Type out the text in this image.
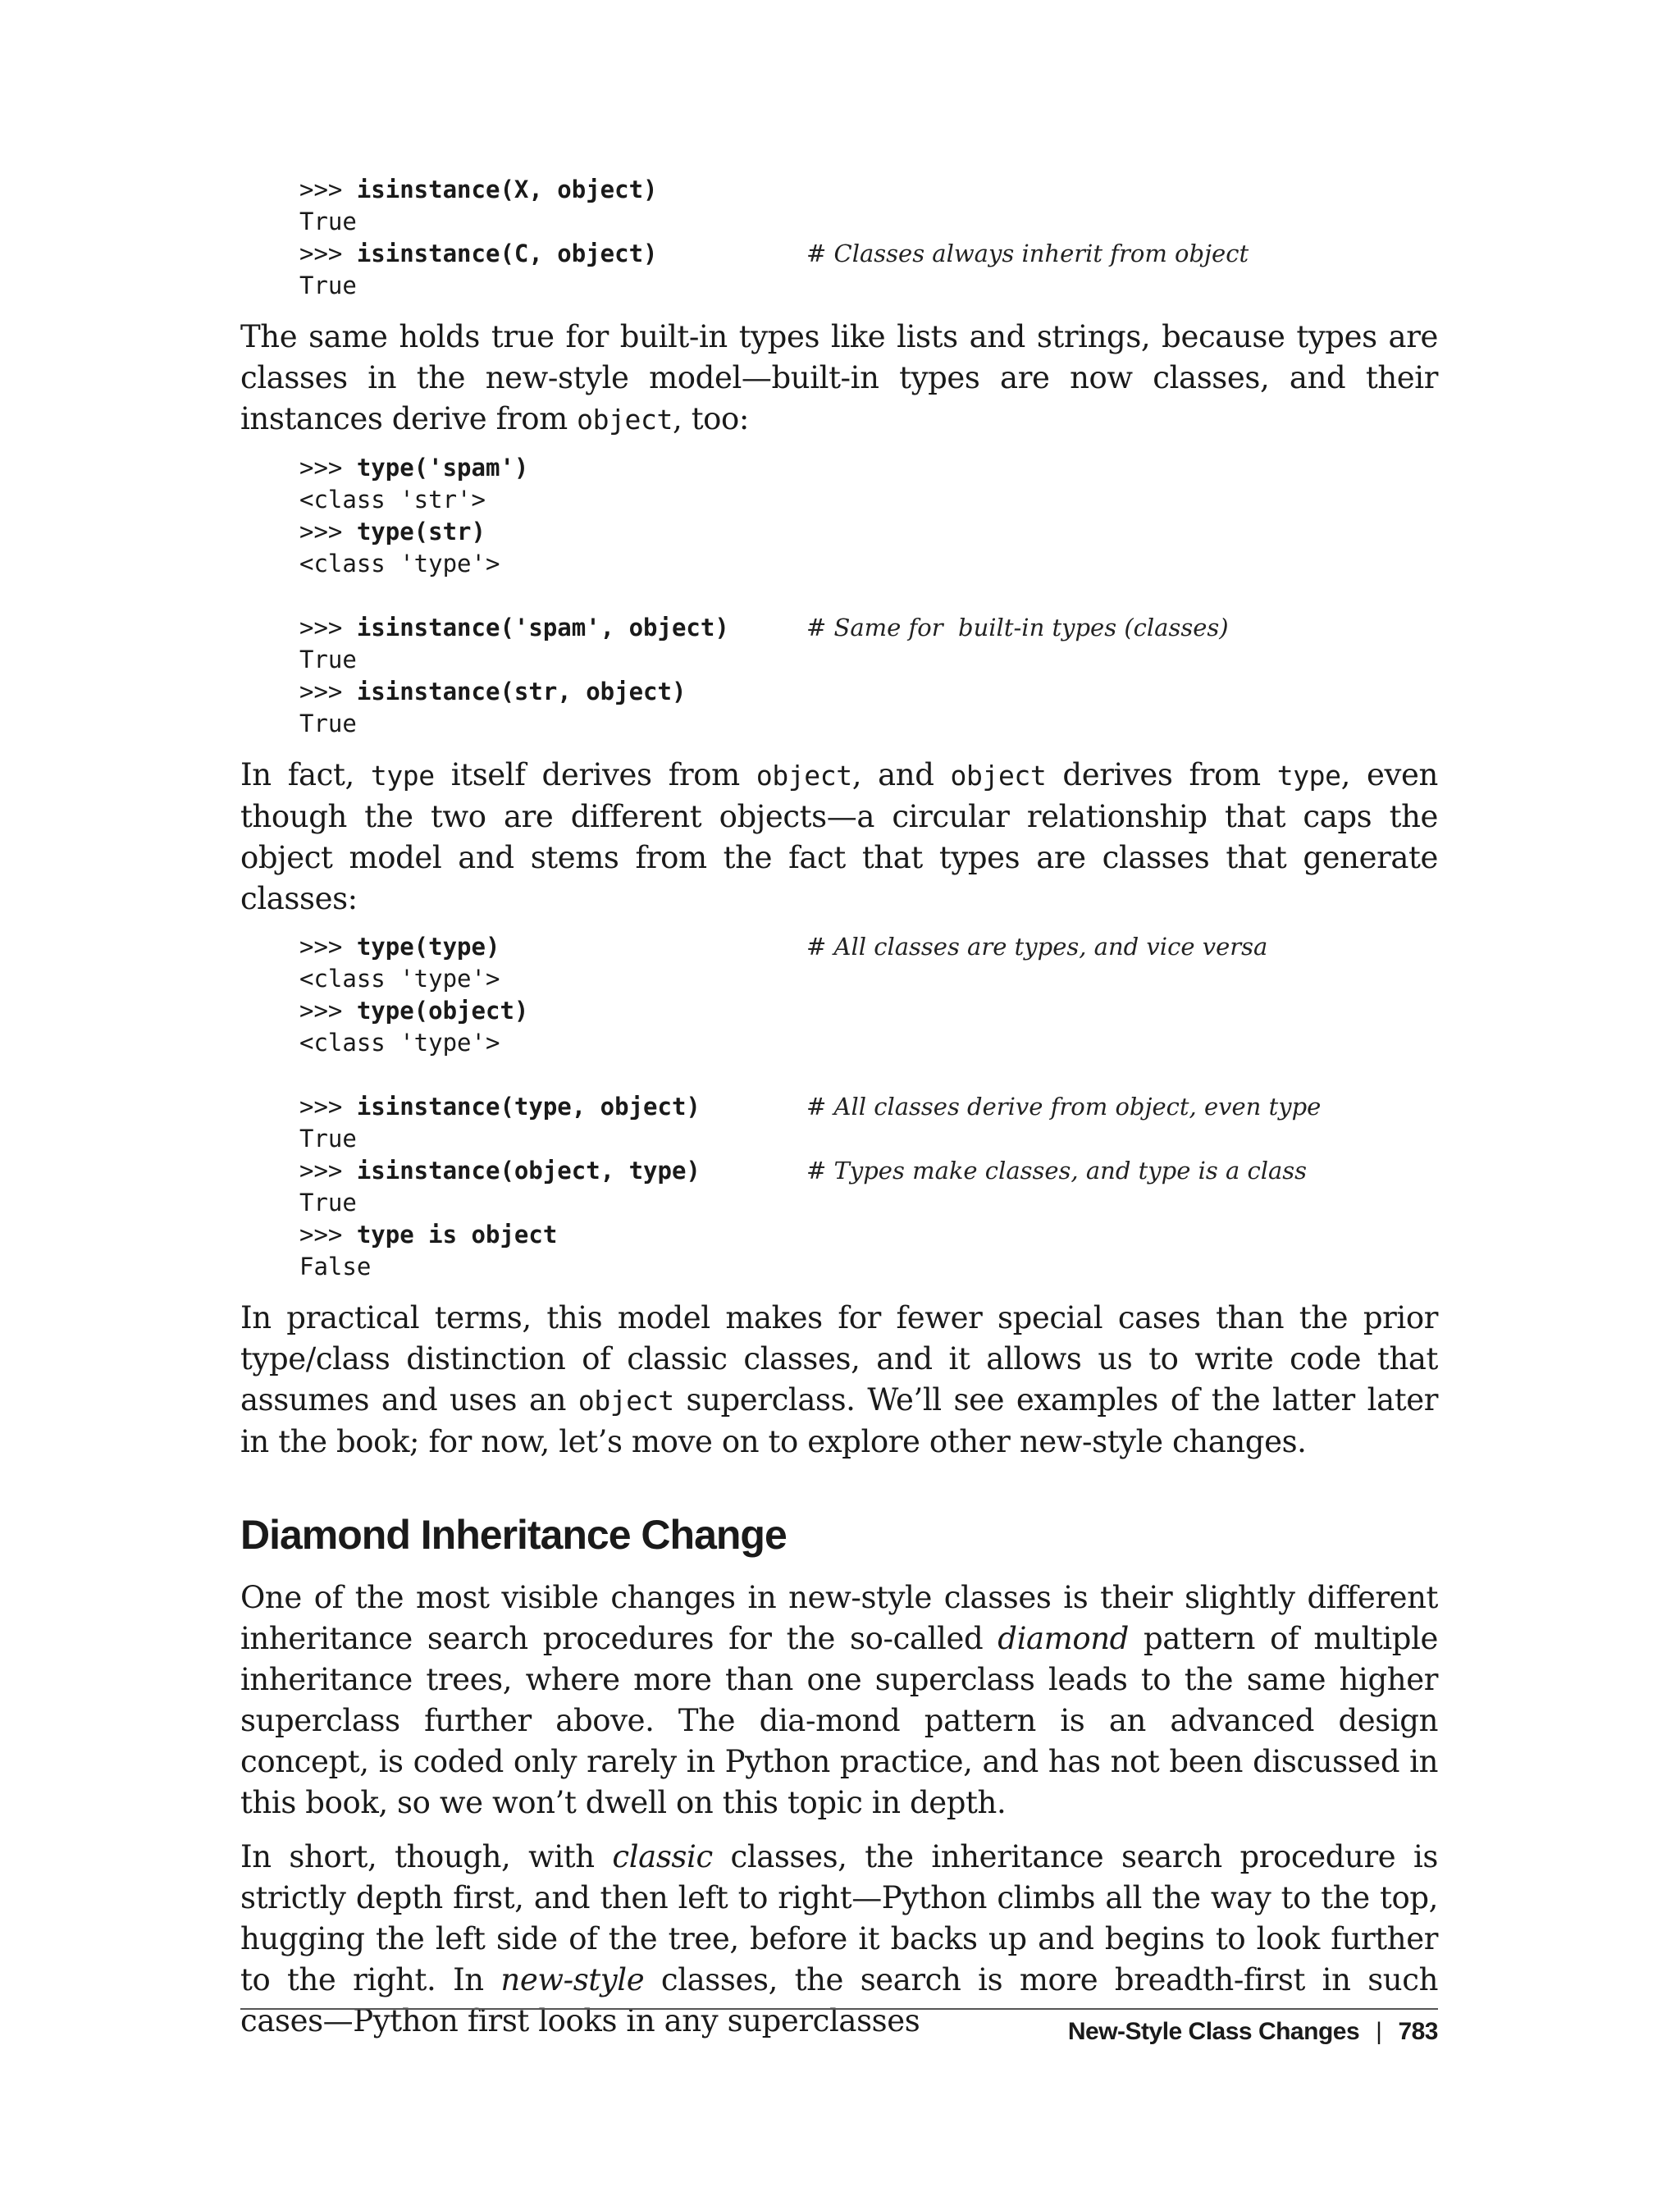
>>> isinstance(X, object)
True
>>> isinstance(C, object)	# Classes always inherit from object
True

The same holds true for built-in types like lists and strings, because types are classes in the new-style model—built-in types are now classes, and their instances derive from object, too:

>>> type('spam')
<class 'str'>
>>> type(str)
<class 'type'>
>>> isinstance('spam', object)	# Same for  built-in types (classes)
True
>>> isinstance(str, object)
True

In fact, type itself derives from object, and object derives from type, even though the two are different objects—a circular relationship that caps the object model and stems from the fact that types are classes that generate classes:

>>> type(type)	# All classes are types, and vice versa
<class 'type'>
>>> type(object)
<class 'type'>
>>> isinstance(type, object)	# All classes derive from object, even type
True
>>> isinstance(object, type)	# Types make classes, and type is a class
True
>>> type is object
False

In practical terms, this model makes for fewer special cases than the prior type/class distinction of classic classes, and it allows us to write code that assumes and uses an object superclass. We’ll see examples of the latter later in the book; for now, let’s move on to explore other new-style changes.

Diamond Inheritance Change

One of the most visible changes in new-style classes is their slightly different inheritance search procedures for the so-called diamond pattern of multiple inheritance trees, where more than one superclass leads to the same higher superclass further above. The dia-mond pattern is an advanced design concept, is coded only rarely in Python practice, and has not been discussed in this book, so we won’t dwell on this topic in depth.

In short, though, with classic classes, the inheritance search procedure is strictly depth first, and then left to right—Python climbs all the way to the top, hugging the left side of the tree, before it backs up and begins to look further to the right. In new-style classes, the search is more breadth-first in such cases—Python first looks in any superclasses	New-Style Class Changes | 783
